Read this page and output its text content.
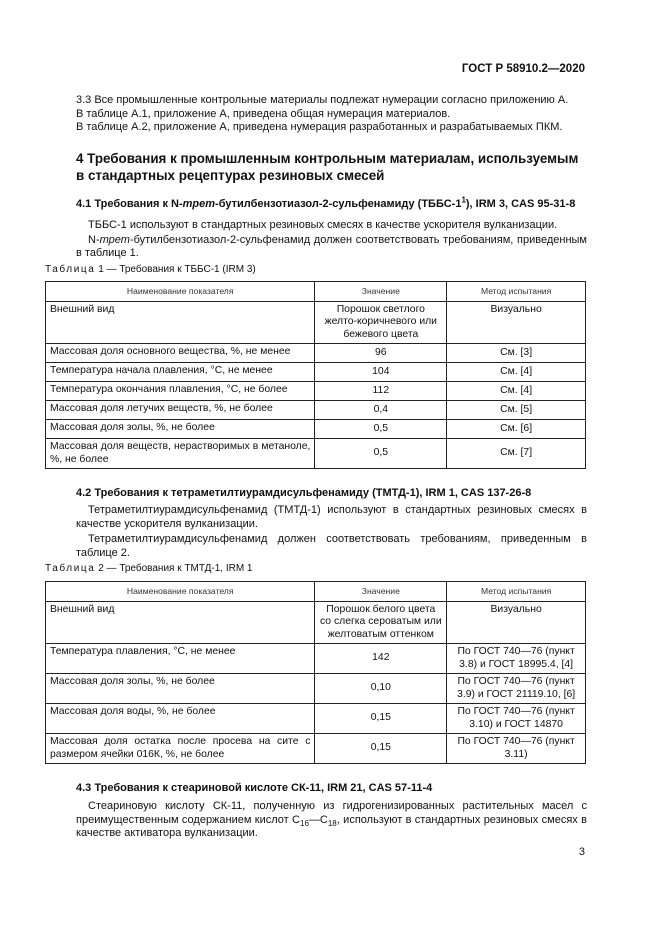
ГОСТ Р 58910.2—2020

3.3 Все промышленные контрольные материалы подлежат нумерации согласно приложению А.

В таблице А.1, приложение А, приведена общая нумерация материалов.

В таблице А.2, приложение А, приведена нумерация разработанных и разрабатываемых ПКМ.

4 Требования к промышленным контрольным материалам, используемым в стандартных рецептурах резиновых смесей
4.1 Требования к N-трет-бутилбензотиазол-2-сульфенамиду $(ТББС-1^1)$, IRM 3, CAS 95-31-8

ТББС-1 используют в стандартных резиновых смесях в качестве ускорителя вулканизации.

N-трет-бутилбензотиазол-2-сульфенамид должен соответствовать требованиям, приведенным в таблице 1.

Таблица 1 — Требования к ТББС-1 (IRM 3)
Наименование показателя	Значение	Метод испытания
Внешний вид	Порошок светлого желто-коричневого или бежевого цвета	Визуально
Массовая доля основного вещества, %, не менее	96	См. [3]
Температура начала плавления, °С, не менее	104	См. [4]
Температура окончания плавления, °С, не более	112	См. [4]
Массовая доля летучих веществ, %, не более	0,4	См. [5]
Массовая доля золы, %, не более	0,5	См. [6]
Массовая доля веществ, нерастворимых в метаноле, %, не более	0,5	См. [7]
4.2 Требования к тетраметилтиурамдисульфенамиду (ТМТД-1), IRM 1, CAS 137-26-8

Тетраметилтиурамдисульфенамид (ТМТД-1) используют в стандартных резиновых смесях в качестве ускорителя вулканизации.

Тетраметилтиурамдисульфенамид должен соответствовать требованиям, приведенным в таблице 2.

Таблица 2 — Требования к ТМТД-1, IRM 1
Наименование показателя	Значение	Метод испытания
Внешний вид	Порошок белого цвета со слегка сероватым или желтоватым оттенком	Визуально
Температура плавления, °С, не менее	142	По ГОСТ 740—76 (пункт 3.8) и ГОСТ 18995.4, [4]
Массовая доля золы, %, не более	0,10	По ГОСТ 740—76 (пункт 3.9) и ГОСТ 21119.10, [6]
Массовая доля воды, %, не более	0,15	По ГОСТ 740—76 (пункт 3.10) и ГОСТ 14870
Массовая доля остатка после просева на сите с размером ячейки 016К, %, не более	0,15	По ГОСТ 740—76 (пункт 3.11)
4.3 Требования к стеариновой кислоте СК-11, IRM 21, CAS 57-11-4

Стеариновую кислоту СК-11, полученную из гидрогенизированных растительных масел с преимущественным содержанием кислот $С_{16}—С_{18}$, используют в стандартных резиновых смесях в качестве активатора вулканизации.

3
